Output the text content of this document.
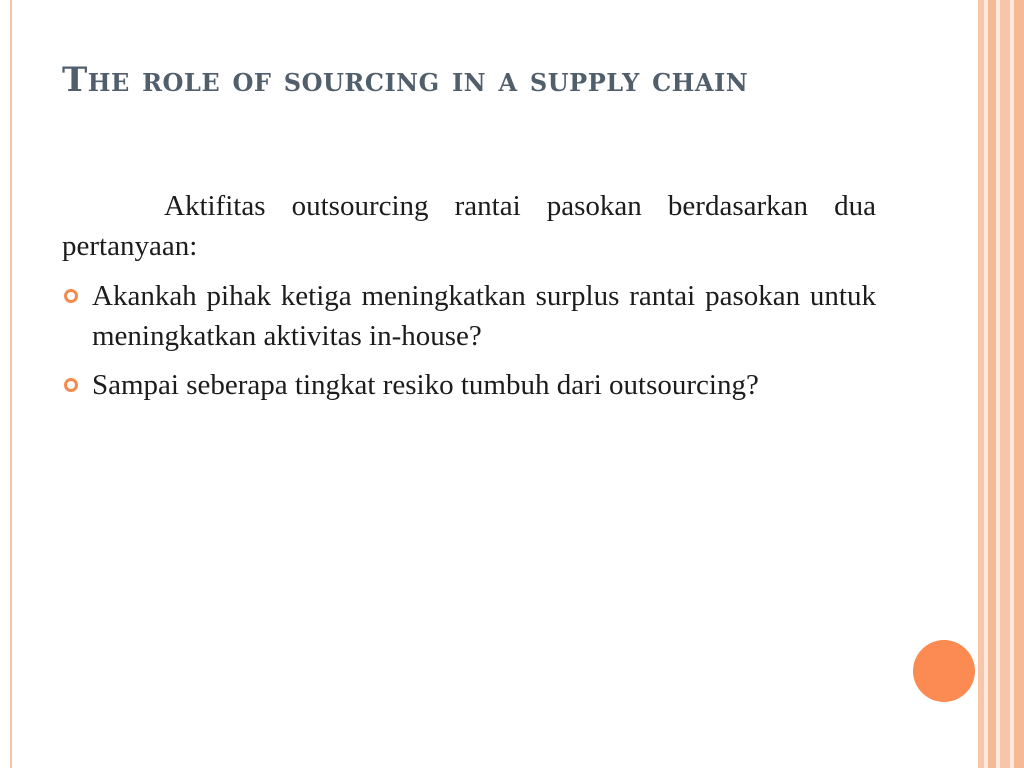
The role of sourcing in a supply chain

Aktifitas outsourcing rantai pasokan berdasarkan dua pertanyaan:

Akankah pihak ketiga meningkatkan surplus rantai pasokan untuk meningkatkan aktivitas in-house?
Sampai seberapa tingkat resiko tumbuh dari outsourcing?
